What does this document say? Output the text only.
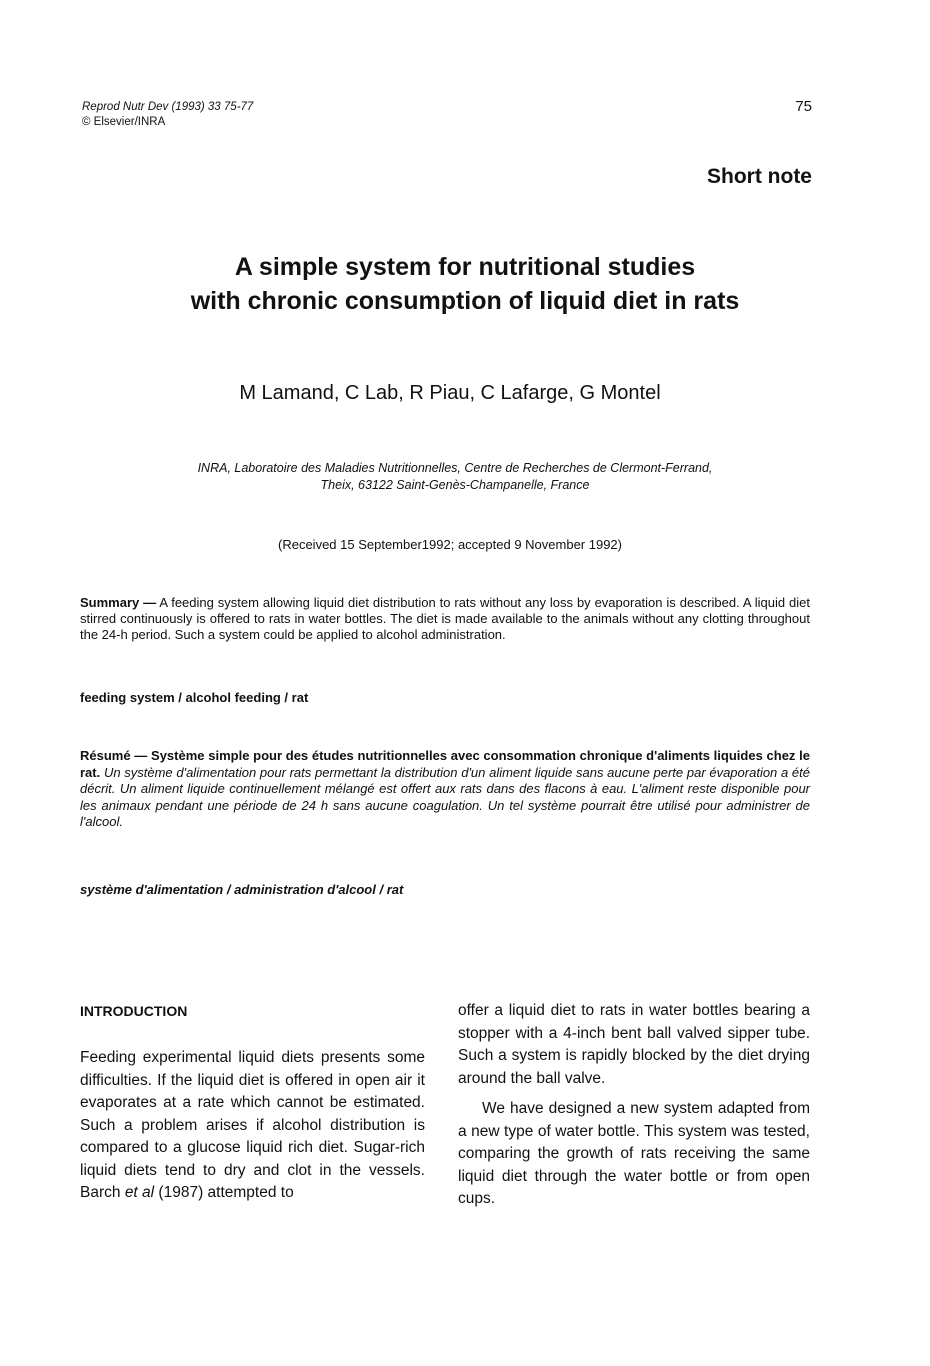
Reprod Nutr Dev (1993) 33 75-77
© Elsevier/INRA
75
Short note
A simple system for nutritional studies
with chronic consumption of liquid diet in rats
M Lamand, C Lab, R Piau, C Lafarge, G Montel
INRA, Laboratoire des Maladies Nutritionnelles, Centre de Recherches de Clermont-Ferrand,
Theix, 63122 Saint-Genès-Champanelle, France
(Received 15 September1992; accepted 9 November 1992)
Summary — A feeding system allowing liquid diet distribution to rats without any loss by evaporation is described. A liquid diet stirred continuously is offered to rats in water bottles. The diet is made available to the animals without any clotting throughout the 24-h period. Such a system could be applied to alcohol administration.
feeding system / alcohol feeding / rat
Résumé — Système simple pour des études nutritionnelles avec consommation chronique d'aliments liquides chez le rat. Un système d'alimentation pour rats permettant la distribution d'un aliment liquide sans aucune perte par évaporation a été décrit. Un aliment liquide continuellement mélangé est offert aux rats dans des flacons à eau. L'aliment reste disponible pour les animaux pendant une période de 24 h sans aucune coagulation. Un tel système pourrait être utilisé pour administrer de l'alcool.
système d'alimentation / administration d'alcool / rat
INTRODUCTION

Feeding experimental liquid diets presents some difficulties. If the liquid diet is offered in open air it evaporates at a rate which cannot be estimated. Such a problem arises if alcohol distribution is compared to a glucose liquid rich diet. Sugar-rich liquid diets tend to dry and clot in the vessels. Barch et al (1987) attempted to

offer a liquid diet to rats in water bottles bearing a stopper with a 4-inch bent ball valved sipper tube. Such a system is rapidly blocked by the diet drying around the ball valve.

We have designed a new system adapted from a new type of water bottle. This system was tested, comparing the growth of rats receiving the same liquid diet through the water bottle or from open cups.
